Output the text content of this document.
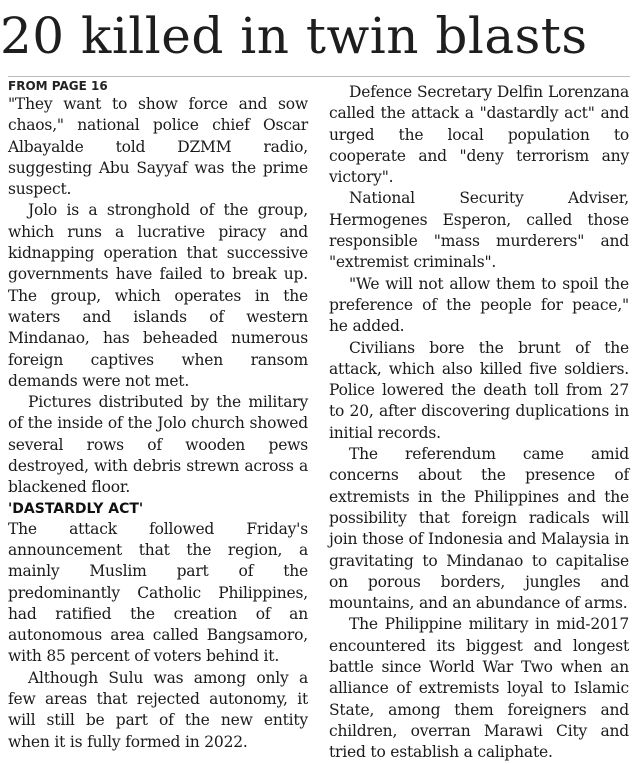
20 killed in twin blasts
FROM PAGE 16

"They want to show force and sow chaos," national police chief Oscar Albayalde told DZMM radio, suggesting Abu Sayyaf was the prime suspect.

Jolo is a stronghold of the group, which runs a lucrative piracy and kidnapping operation that successive governments have failed to break up. The group, which operates in the waters and islands of western Mindanao, has beheaded numerous foreign captives when ransom demands were not met.

Pictures distributed by the military of the inside of the Jolo church showed several rows of wooden pews destroyed, with debris strewn across a blackened floor.

'DASTARDLY ACT'

The attack followed Friday's announcement that the region, a mainly Muslim part of the predominantly Catholic Philippines, had ratified the creation of an autonomous area called Bangsamoro, with 85 percent of voters behind it.

Although Sulu was among only a few areas that rejected autonomy, it will still be part of the new entity when it is fully formed in 2022.

Defence Secretary Delfin Lorenzana called the attack a "dastardly act" and urged the local population to cooperate and "deny terrorism any victory".

National Security Adviser, Hermogenes Esperon, called those responsible "mass murderers" and "extremist criminals".

"We will not allow them to spoil the preference of the people for peace," he added.

Civilians bore the brunt of the attack, which also killed five soldiers. Police lowered the death toll from 27 to 20, after discovering duplications in initial records.

The referendum came amid concerns about the presence of extremists in the Philippines and the possibility that foreign radicals will join those of Indonesia and Malaysia in gravitating to Mindanao to capitalise on porous borders, jungles and mountains, and an abundance of arms.

The Philippine military in mid-2017 encountered its biggest and longest battle since World War Two when an alliance of extremists loyal to Islamic State, among them foreigners and children, overran Marawi City and tried to establish a caliphate.
